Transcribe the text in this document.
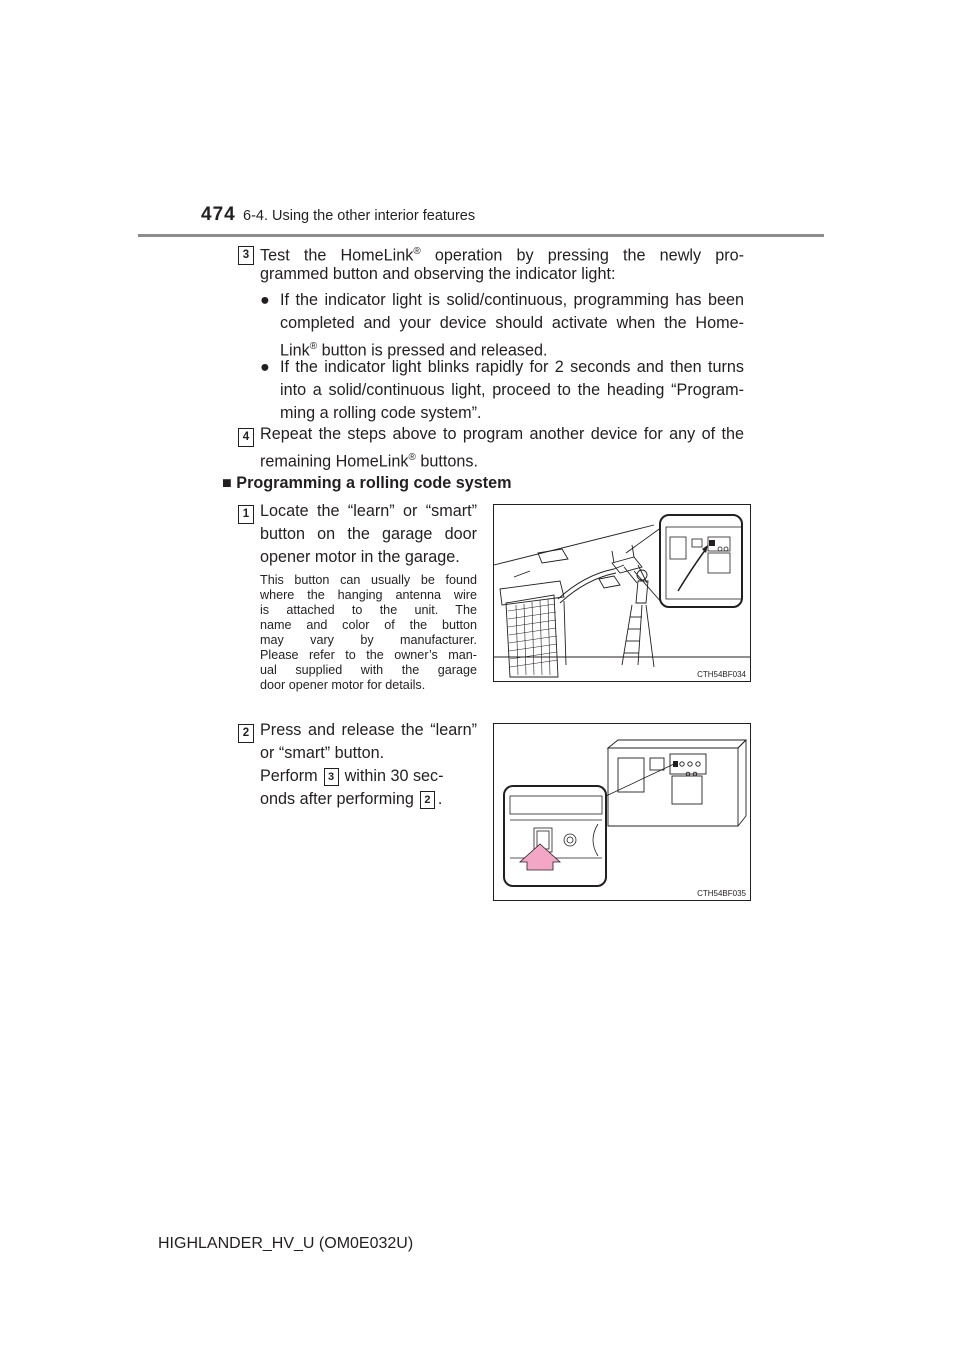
474 6-4. Using the other interior features
3 Test the HomeLink® operation by pressing the newly pro-
grammed button and observing the indicator light:
● If the indicator light is solid/continuous, programming has been
completed and your device should activate when the Home-
Link® button is pressed and released.
● If the indicator light blinks rapidly for 2 seconds and then turns
into a solid/continuous light, proceed to the heading “Program-
ming a rolling code system”.
4 Repeat the steps above to program another device for any of the
remaining HomeLink® buttons.
■ Programming a rolling code system
1 Locate the “learn” or “smart”
button on the garage door
opener motor in the garage.
This button can usually be found
where the hanging antenna wire
is attached to the unit. The
name and color of the button
may vary by manufacturer.
Please refer to the owner’s man-
ual supplied with the garage
door opener motor for details.
CTH54BF034
2 Press and release the “learn”
or “smart” button.
Perform 3 within 30 sec-
onds after performing 2 .
CTH54BF035
HIGHLANDER_HV_U (OM0E032U)
